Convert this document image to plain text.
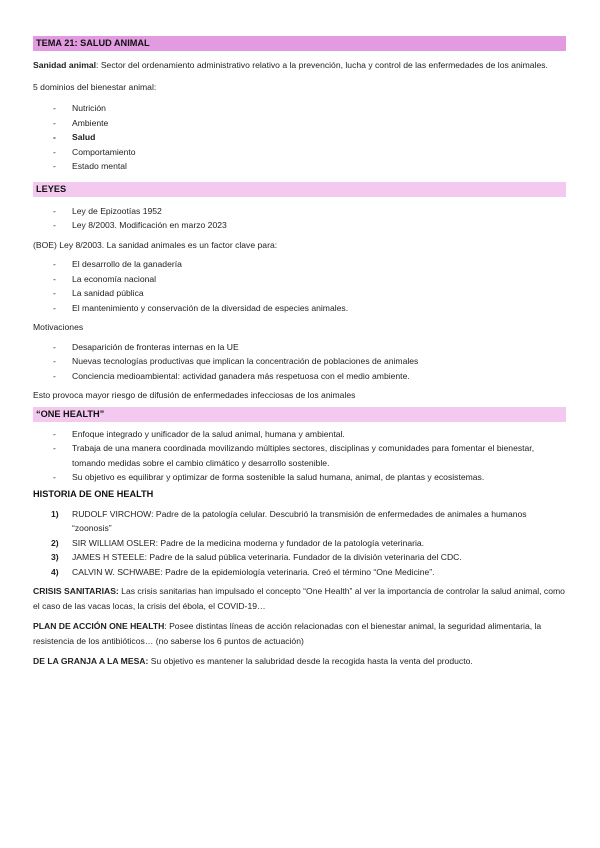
TEMA 21: SALUD ANIMAL

Sanidad animal: Sector del ordenamiento administrativo relativo a la prevención, lucha y control de las enfermedades de los animales.

5 dominios del bienestar animal:

- Nutrición
- Ambiente
- Salud
- Comportamiento
- Estado mental
LEYES
- Ley de Epizootías 1952
- Ley 8/2003. Modificación en marzo 2023

(BOE) Ley 8/2003. La sanidad animales es un factor clave para:

- El desarrollo de la ganadería
- La economía nacional
- La sanidad pública
- El mantenimiento y conservación de la diversidad de especies animales.

Motivaciones

- Desaparición de fronteras internas en la UE
- Nuevas tecnologías productivas que implican la concentración de poblaciones de animales
- Conciencia medioambiental: actividad ganadera más respetuosa con el medio ambiente.

Esto provoca mayor riesgo de difusión de enfermedades infecciosas de los animales

“ONE HEALTH”
- Enfoque integrado y unificador de la salud animal, humana y ambiental.
- Trabaja de una manera coordinada movilizando múltiples sectores, disciplinas y comunidades para fomentar el bienestar, tomando medidas sobre el cambio climático y desarrollo sostenible.
- Su objetivo es equilibrar y optimizar de forma sostenible la salud humana, animal, de plantas y ecosistemas.
HISTORIA DE ONE HEALTH
1) RUDOLF VIRCHOW: Padre de la patología celular. Descubrió la transmisión de enfermedades de animales a humanos “zoonosis”
2) SIR WILLIAM OSLER: Padre de la medicina moderna y fundador de la patología veterinaria.
3) JAMES H STEELE: Padre de la salud pública veterinaria. Fundador de la división veterinaria del CDC.
4) CALVIN W. SCHWABE: Padre de la epidemiología veterinaria. Creó el término “One Medicine”.

CRISIS SANITARIAS: Las crisis sanitarias han impulsado el concepto “One Health” al ver la importancia de controlar la salud animal, como el caso de las vacas locas, la crisis del ébola, el COVID-19…

PLAN DE ACCIÓN ONE HEALTH: Posee distintas líneas de acción relacionadas con el bienestar animal, la seguridad alimentaria, la resistencia de los antibióticos… (no saberse los 6 puntos de actuación)

DE LA GRANJA A LA MESA: Su objetivo es mantener la salubridad desde la recogida hasta la venta del producto.
